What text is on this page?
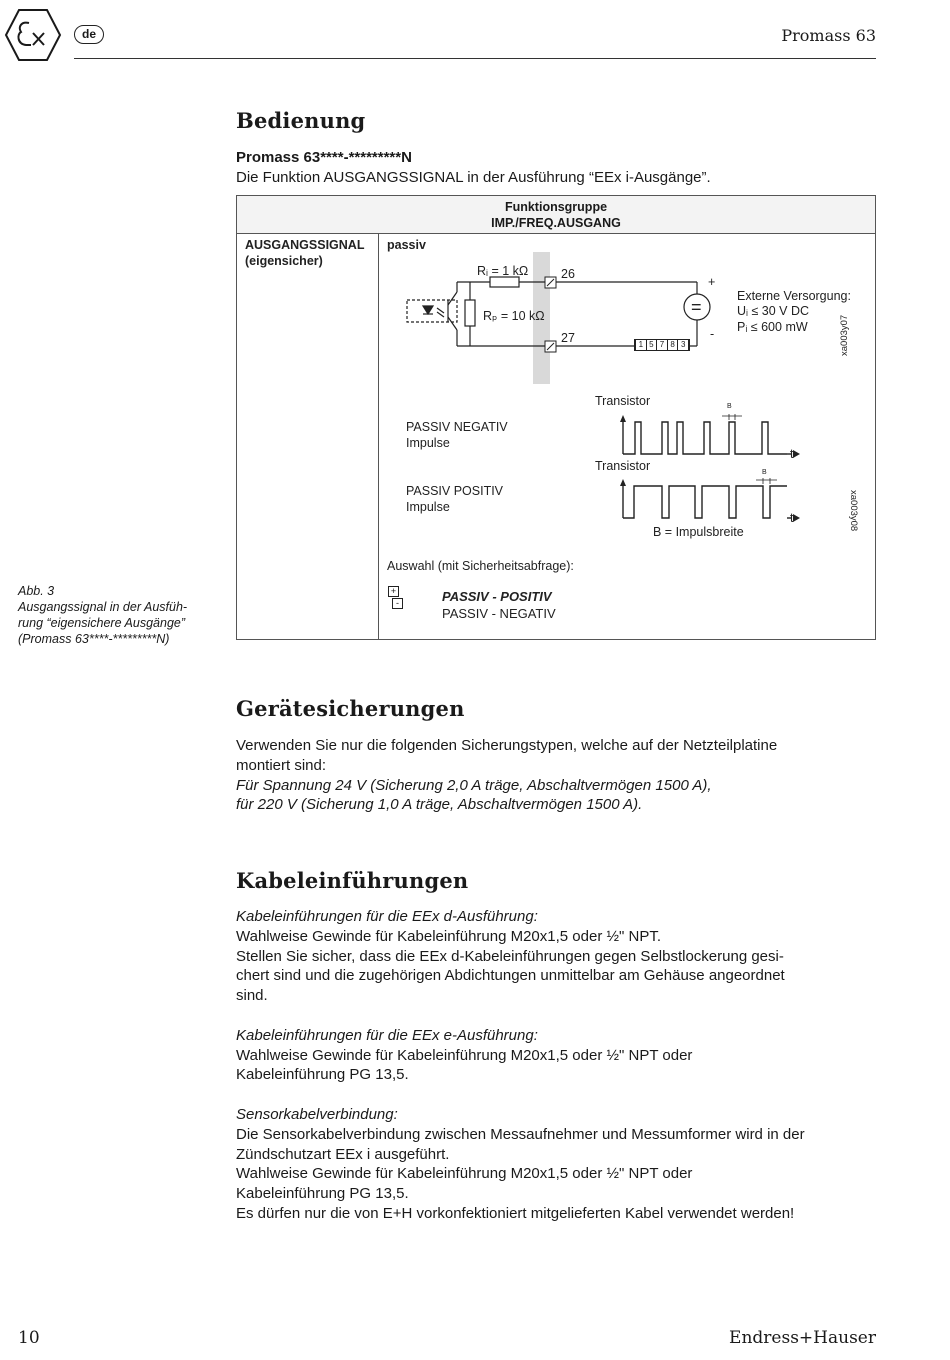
de	Promass 63
Bedienung
Promass 63****-*********N
Die Funktion AUSGANGSSIGNAL in der Ausführung “EEx i-Ausgänge”.
Funktionsgruppe
IMP./FREQ.AUSGANG
AUSGANGSSIGNAL
(eigensicher)
passiv
Rᵢ = 1 kΩ
Rₚ = 10 kΩ
26
27
+
-
=
Externe Versorgung:
Uᵢ ≤ 30 V DC
Pᵢ ≤ 600 mW
1 5 7 8 3	xa003y07
PASSIV NEGATIV
Impulse
PASSIV POSITIV
Impulse
Transistor
Transistor
B
B
t
t
B = Impulsbreite
xa003y08
Auswahl (mit Sicherheitsabfrage):
+
-	PASSIV - POSITIV
PASSIV - NEGATIV
Abb. 3
Ausgangssignal in der Ausfüh-
rung “eigensichere Ausgänge”
(Promass 63****-*********N)
Gerätesicherungen
Verwenden Sie nur die folgenden Sicherungstypen, welche auf der Netzteilplatine
montiert sind:
Für Spannung 24 V (Sicherung 2,0 A träge, Abschaltvermögen 1500 A),
für 220 V (Sicherung 1,0 A träge, Abschaltvermögen 1500 A).
Kabeleinführungen
Kabeleinführungen für die EEx d-Ausführung:
Wahlweise Gewinde für Kabeleinführung M20x1,5 oder ½" NPT.
Stellen Sie sicher, dass die EEx d-Kabeleinführungen gegen Selbstlockerung gesi-
chert sind und die zugehörigen Abdichtungen unmittelbar am Gehäuse angeordnet
sind.
Kabeleinführungen für die EEx e-Ausführung:
Wahlweise Gewinde für Kabeleinführung M20x1,5 oder ½" NPT oder
Kabeleinführung PG 13,5.
Sensorkabelverbindung:
Die Sensorkabelverbindung zwischen Messaufnehmer und Messumformer wird in der
Zündschutzart EEx i ausgeführt.
Wahlweise Gewinde für Kabeleinführung M20x1,5 oder ½" NPT oder
Kabeleinführung PG 13,5.
Es dürfen nur die von E+H vorkonfektioniert mitgelieferten Kabel verwendet werden!
10	Endress+Hauser
